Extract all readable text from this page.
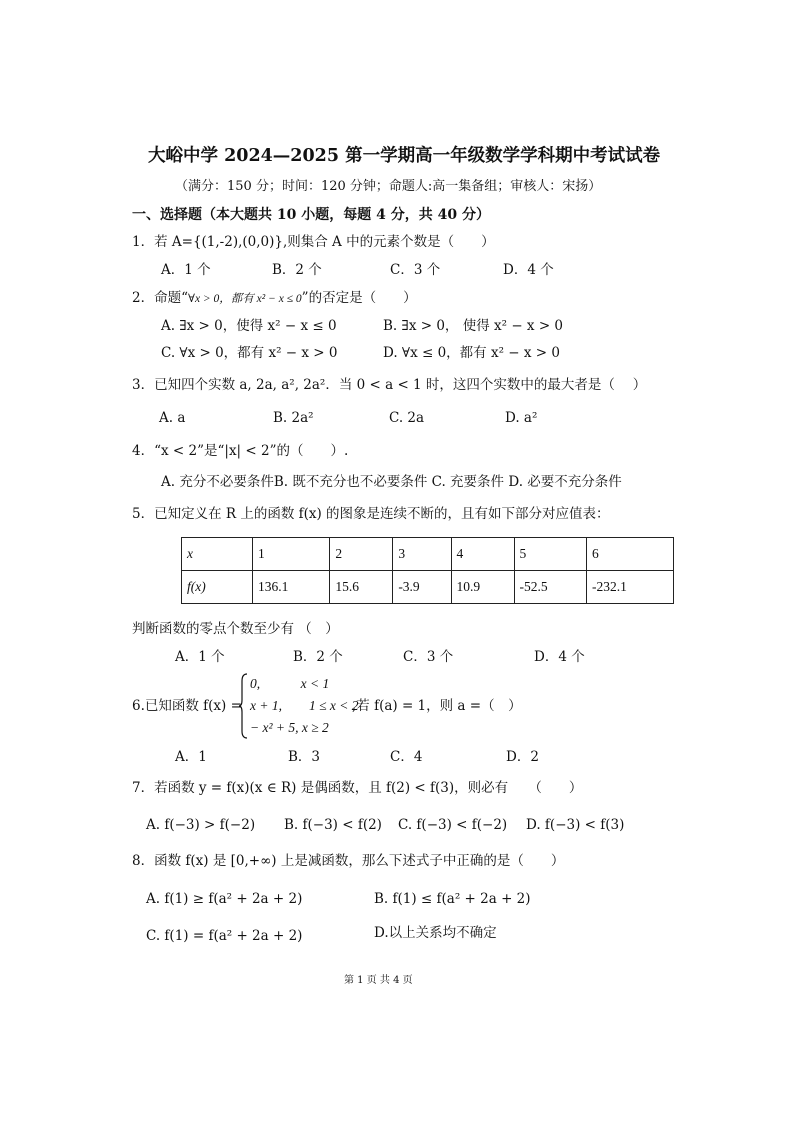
大峪中学 2024—2025 第一学期高一年级数学学科期中考试试卷
（满分：150 分；时间：120 分钟；命题人:高一集备组；审核人：宋扬）
一、选择题（本大题共 10 小题，每题 4 分，共 40 分）
1．若 A={(1,-2),(0,0)},则集合 A 中的元素个数是（　　）
A．1 个	B．2 个	C．3 个	D．4 个
2．命题“∀x > 0，都有 x² − x ≤ 0”的否定是（　　）
A. ∃x > 0，使得 x² − x ≤ 0	B. ∃x > 0， 使得 x² − x > 0
C. ∀x > 0，都有 x² − x > 0	D. ∀x ≤ 0，都有 x² − x > 0
3．已知四个实数 a, 2a, a², 2a²．当 0 < a < 1 时，这四个实数中的最大者是（　 ）
A. a	B. 2a²	C. 2a	D. a²
4．“x < 2”是“|x| < 2”的（　　）.
A. 充分不必要条件B. 既不充分也不必要条件 C. 充要条件 D. 必要不充分条件
5．已知定义在 R 上的函数 f(x) 的图象是连续不断的，且有如下部分对应值表：
x	1	2	3	4	5	6
f(x)	136.1	15.6	-3.9	10.9	-52.5	-232.1
判断函数的零点个数至少有 （　）
A．1 个	B．2 个	C．3 个	D．4 个
6.已知函数 f(x) =
0,　　　x < 1
x + 1,　　1 ≤ x < 2
− x² + 5, x ≥ 2
,若 f(a) = 1，则 a =（　）
A．1	B．3	C．4	D．2
7．若函数 y = f(x)(x ∈ R) 是偶函数，且 f(2) < f(3)，则必有　　（　　）
A. f(−3) > f(−2) B. f(−3) < f(2) C. f(−3) < f(−2) D. f(−3) < f(3)
8．函数 f(x) 是 [0,+∞) 上是减函数，那么下述式子中正确的是（　　）
A. f(1) ≥ f(a² + 2a + 2)	B. f(1) ≤ f(a² + 2a + 2)
C. f(1) = f(a² + 2a + 2)	D.以上关系均不确定
第 1 页 共 4 页
